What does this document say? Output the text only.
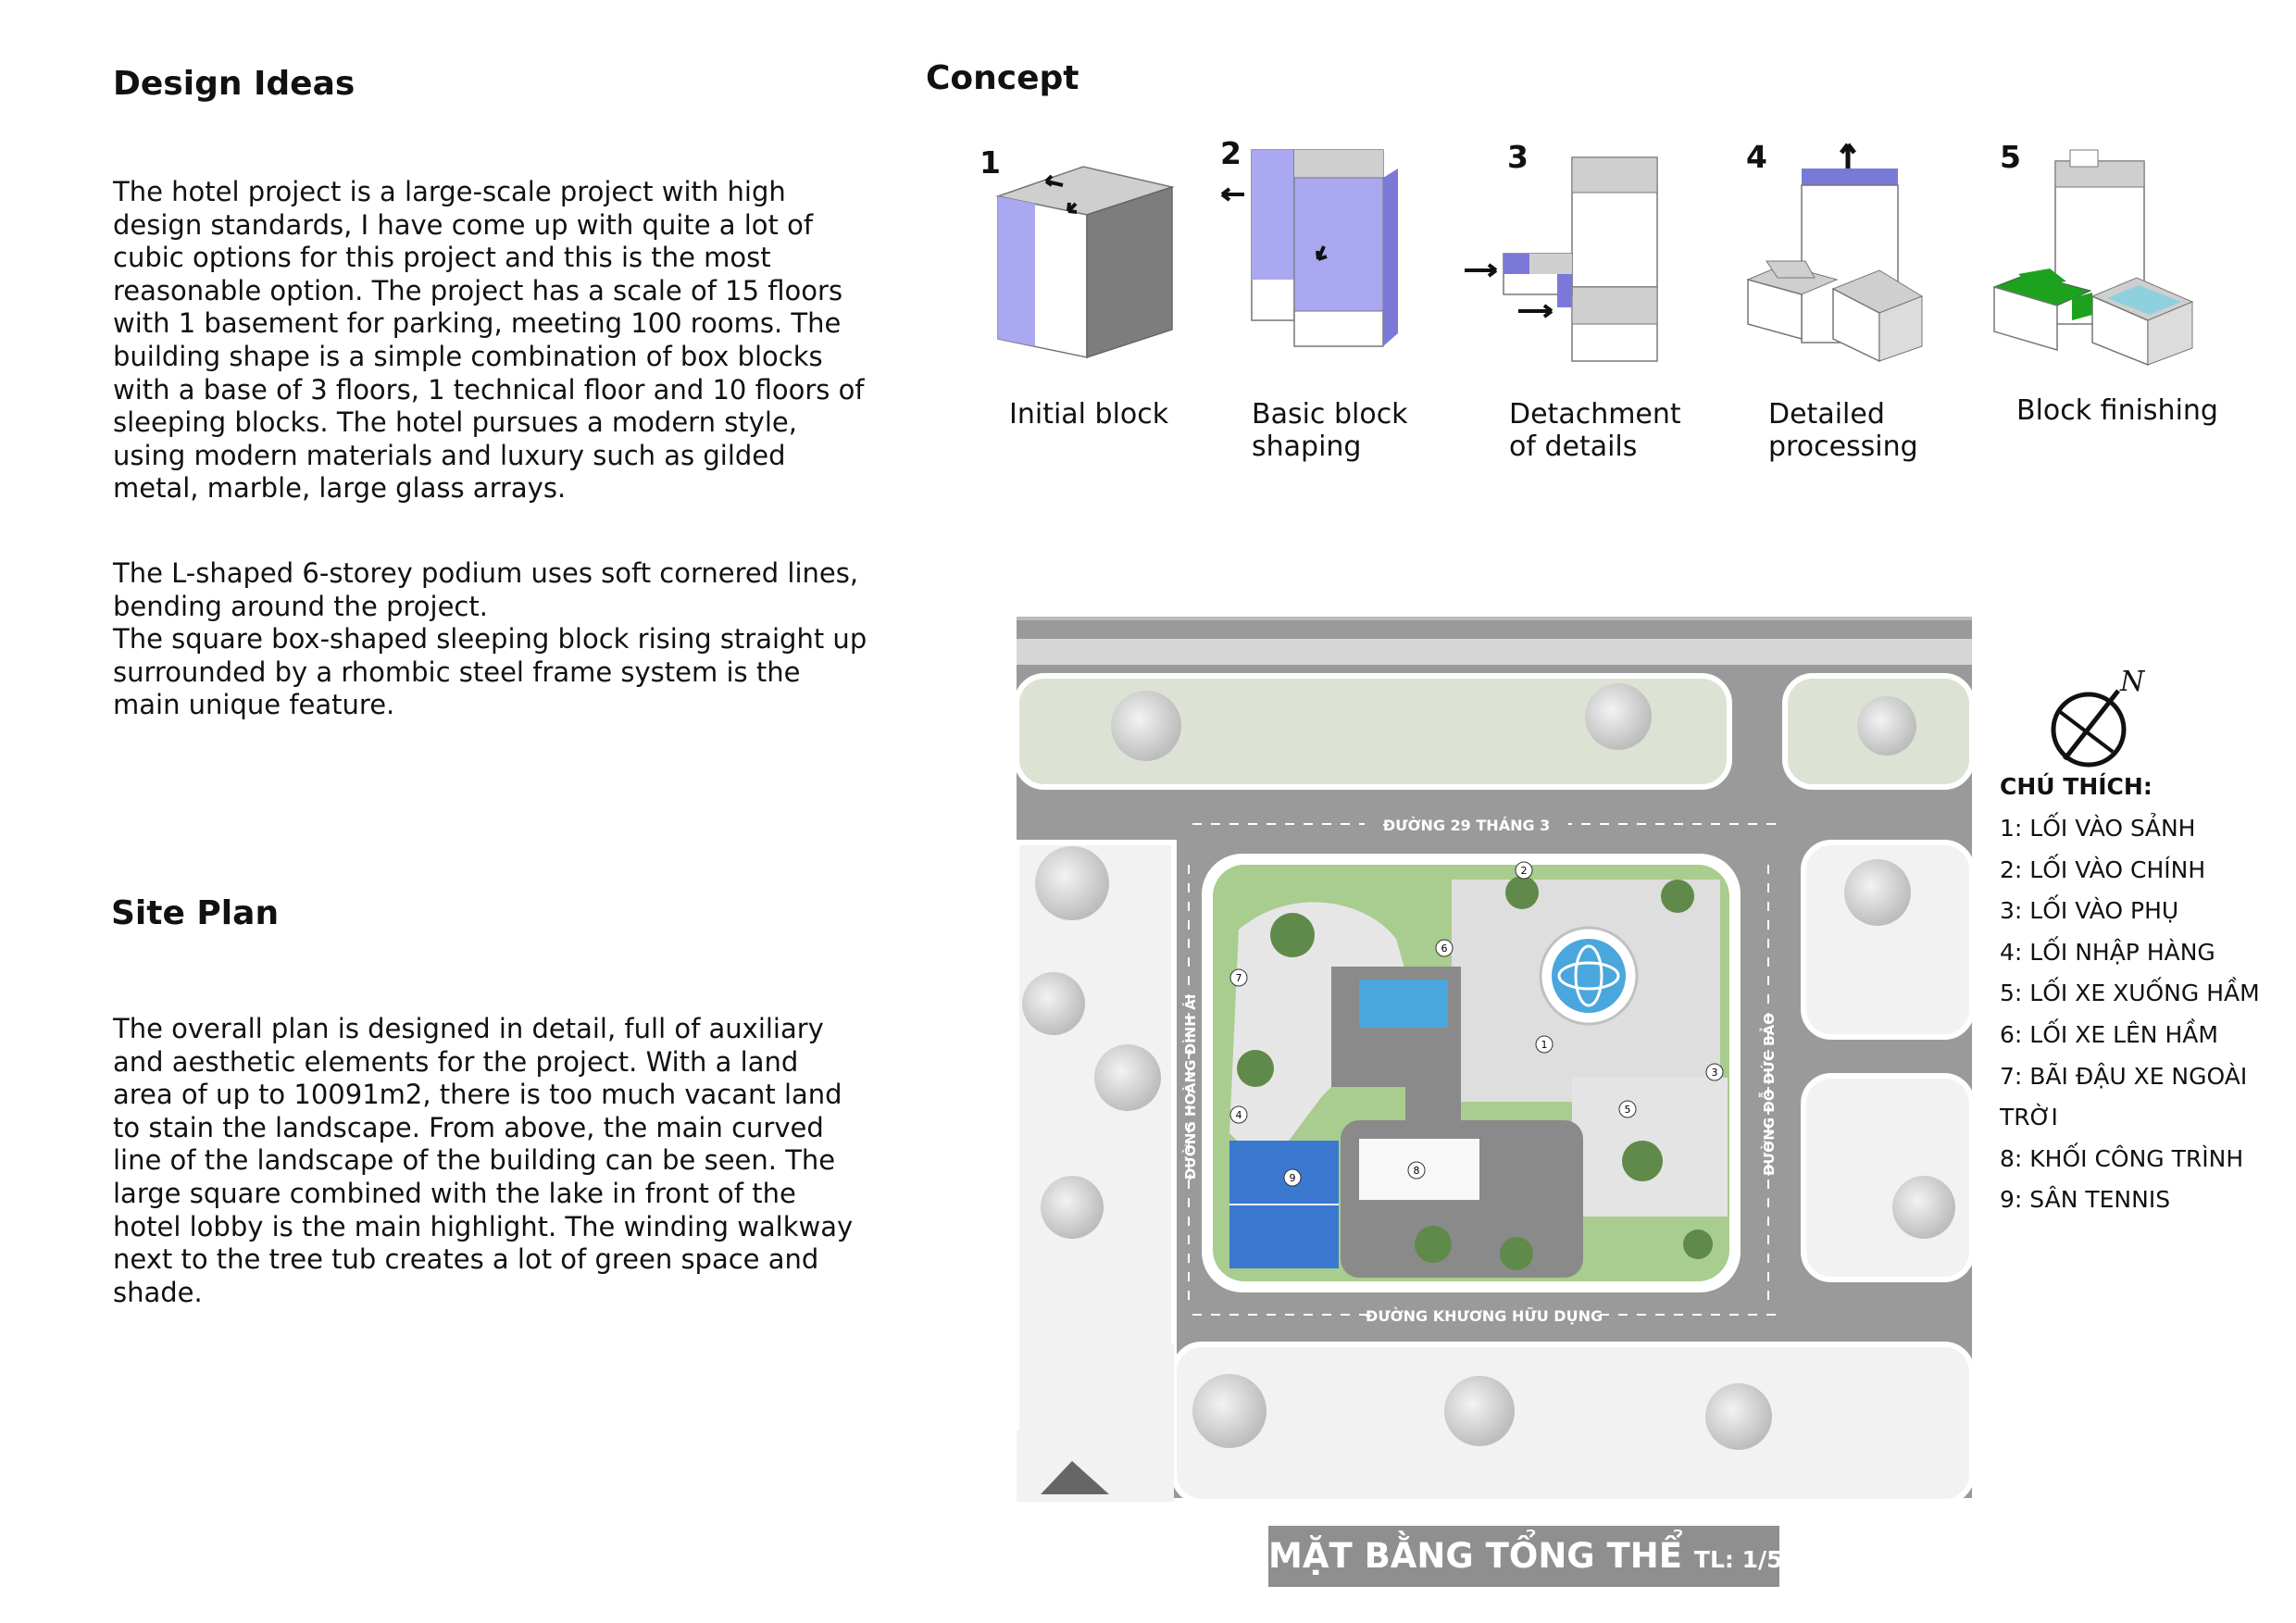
Design Ideas

The hotel project is a large-scale project with high
design standards, I have come up with quite a lot of
cubic options for this project and this is the most
reasonable option. The project has a scale of 15 floors
with 1 basement for parking, meeting 100 rooms. The
building shape is a simple combination of box blocks
with a base of 3 floors, 1 technical floor and 10 floors of
sleeping blocks. The hotel pursues a modern style,
using modern materials and luxury such as gilded
metal, marble, large glass arrays.

The L-shaped 6-storey podium uses soft cornered lines,
bending around the project.
The square box-shaped sleeping block rising straight up
surrounded by a rhombic steel frame system is the
main unique feature.

Site Plan

The overall plan is designed in detail, full of auxiliary
and aesthetic elements for the project. With a land
area of up to 10091m2, there is too much vacant land
to stain the landscape. From above, the main curved
line of the landscape of the building can be seen. The
large square combined with the lake in front of the
hotel lobby is the main highlight. The winding walkway
next to the tree tub creates a lot of green space and
shade.

Concept
1	2	3	4	5
Initial block	Basic block
shaping
Detachment
of details
Detailed
processing
Block finishing
ĐƯỜNG 29 THÁNG 3
ĐƯỜNG KHƯƠNG HỮU DỤNG
ĐƯỜNG HOÀNG ĐÌNH ÁI	ĐƯỜNG ĐỖ ĐỨC BẢO
1
2
3
4	5
6
7
8
9
N
CHÚ THÍCH:
1: LỐI VÀO SẢNH
2: LỐI VÀO CHÍNH
3: LỐI VÀO PHỤ
4: LỐI NHẬP HÀNG
5: LỐI XE XUỐNG HẦM
6: LỐI XE LÊN HẦM
7: BÃI ĐẬU XE NGOÀI TRỜI
8: KHỐI CÔNG TRÌNH
9: SÂN TENNIS
MẶT BẰNG TỔNG THỂ TL: 1/500
